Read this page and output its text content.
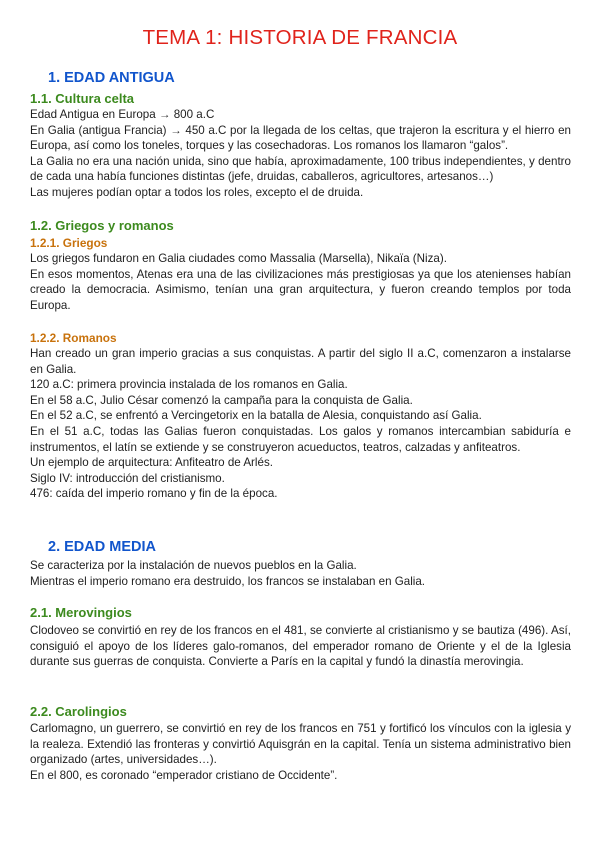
TEMA 1: HISTORIA DE FRANCIA
1. EDAD ANTIGUA
1.1. Cultura celta

Edad Antigua en Europa → 800 a.C

En Galia (antigua Francia) → 450 a.C por la llegada de los celtas, que trajeron la escritura y el hierro en Europa, así como los toneles, torques y las cosechadoras. Los romanos los llamaron “galos”.

La Galia no era una nación unida, sino que había, aproximadamente, 100 tribus independientes, y dentro de cada una había funciones distintas (jefe, druidas, caballeros, agricultores, artesanos…)

Las mujeres podían optar a todos los roles, excepto el de druida.

1.2. Griegos y romanos
1.2.1. Griegos

Los griegos fundaron en Galia ciudades como Massalia (Marsella), Nikaïa (Niza).

En esos momentos, Atenas era una de las civilizaciones más prestigiosas ya que los atenienses habían creado la democracia. Asimismo, tenían una gran arquitectura, y fueron creando templos por toda Europa.

1.2.2. Romanos

Han creado un gran imperio gracias a sus conquistas. A partir del siglo II a.C, comenzaron a instalarse en Galia.

120 a.C: primera provincia instalada de los romanos en Galia.

En el 58 a.C, Julio César comenzó la campaña para la conquista de Galia.

En el 52 a.C, se enfrentó a Vercingetorix en la batalla de Alesia, conquistando así Galia.

En el 51 a.C, todas las Galias fueron conquistadas. Los galos y romanos intercambian sabiduría e instrumentos, el latín se extiende y se construyeron acueductos, teatros, calzadas y anfiteatros.

Un ejemplo de arquitectura: Anfiteatro de Arlés.

Siglo IV: introducción del cristianismo.

476: caída del imperio romano y fin de la época.

2. EDAD MEDIA

Se caracteriza por la instalación de nuevos pueblos en la Galia.

Mientras el imperio romano era destruido, los francos se instalaban en Galia.

2.1. Merovingios

Clodoveo se convirtió en rey de los francos en el 481, se convierte al cristianismo y se bautiza (496). Así, consiguió el apoyo de los líderes galo-romanos, del emperador romano de Oriente y el de la Iglesia durante sus guerras de conquista. Convierte a París en la capital y fundó la dinastía merovingia.

2.2. Carolingios

Carlomagno, un guerrero, se convirtió en rey de los francos en 751 y fortificó los vínculos con la iglesia y la realeza. Extendió las fronteras y convirtió Aquisgrán en la capital. Tenía un sistema administrativo bien organizado (artes, universidades…).

En el 800, es coronado “emperador cristiano de Occidente”.
